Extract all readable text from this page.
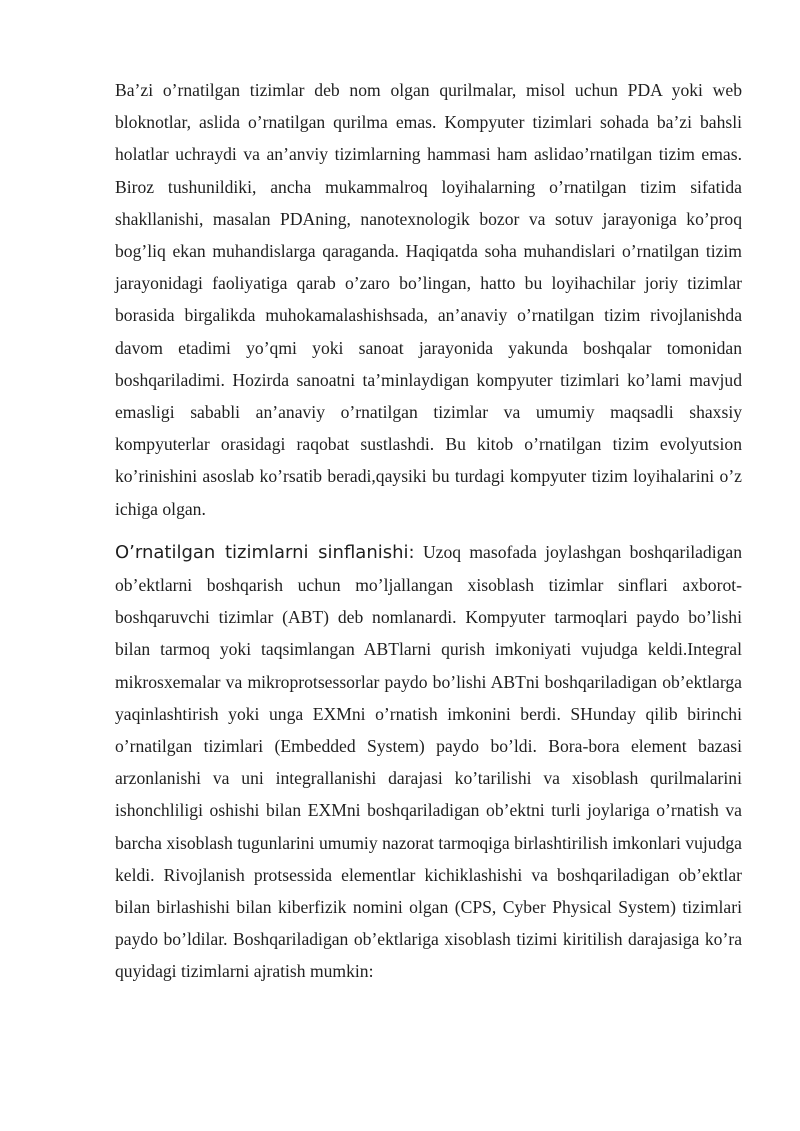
Ba’zi o’rnatilgan tizimlar deb nom olgan qurilmalar, misol uchun PDA yoki web bloknotlar, aslida o’rnatilgan qurilma emas. Kompyuter tizimlari sohada ba’zi bahsli holatlar uchraydi va an’anviy tizimlarning hammasi ham aslidao’rnatilgan tizim emas. Biroz tushunildiki, ancha mukammalroq loyihalarning o’rnatilgan tizim sifatida shakllanishi, masalan PDAning, nanotexnologik bozor va sotuv jarayoniga ko’proq bog’liq ekan muhandislarga qaraganda. Haqiqatda soha muhandislari o’rnatilgan tizim jarayonidagi faoliyatiga qarab o’zaro bo’lingan, hatto bu loyihachilar joriy tizimlar borasida birgalikda muhokamalashishsada, an’anaviy o’rnatilgan tizim rivojlanishda davom etadimi yo’qmi yoki sanoat jarayonida yakunda boshqalar tomonidan boshqariladimi. Hozirda sanoatni ta’minlaydigan kompyuter tizimlari ko’lami mavjud emasligi sababli an’anaviy o’rnatilgan tizimlar va umumiy maqsadli shaxsiy kompyuterlar orasidagi raqobat sustlashdi. Bu kitob o’rnatilgan tizim evolyutsion ko’rinishini asoslab ko’rsatib beradi,qaysiki bu turdagi kompyuter tizim loyihalarini o’z ichiga olgan.

O’rnatilgan tizimlarni sinflanishi: Uzoq masofada joylashgan boshqariladigan ob’ektlarni boshqarish uchun mo’ljallangan xisoblash tizimlar sinflari axborot-boshqaruvchi tizimlar (ABT) deb nomlanardi. Kompyuter tarmoqlari paydo bo’lishi bilan tarmoq yoki taqsimlangan ABTlarni qurish imkoniyati vujudga keldi.Integral mikrosxemalar va mikroprotsessorlar paydo bo’lishi ABTni boshqariladigan ob’ektlarga yaqinlashtirish yoki unga EXMni o’rnatish imkonini berdi. SHunday qilib birinchi o’rnatilgan tizimlari (Embedded System) paydo bo’ldi. Bora-bora element bazasi arzonlanishi va uni integrallanishi darajasi ko’tarilishi va xisoblash qurilmalarini ishonchliligi oshishi bilan EXMni boshqariladigan ob’ektni turli joylariga o’rnatish va barcha xisoblash tugunlarini umumiy nazorat tarmoqiga birlashtirilish imkonlari vujudga keldi. Rivojlanish protsessida elementlar kichiklashishi va boshqariladigan ob’ektlar bilan birlashishi bilan kiberfizik nomini olgan (CPS, Cyber Physical System) tizimlari paydo bo’ldilar. Boshqariladigan ob’ektlariga xisoblash tizimi kiritilish darajasiga ko’ra quyidagi tizimlarni ajratish mumkin:
